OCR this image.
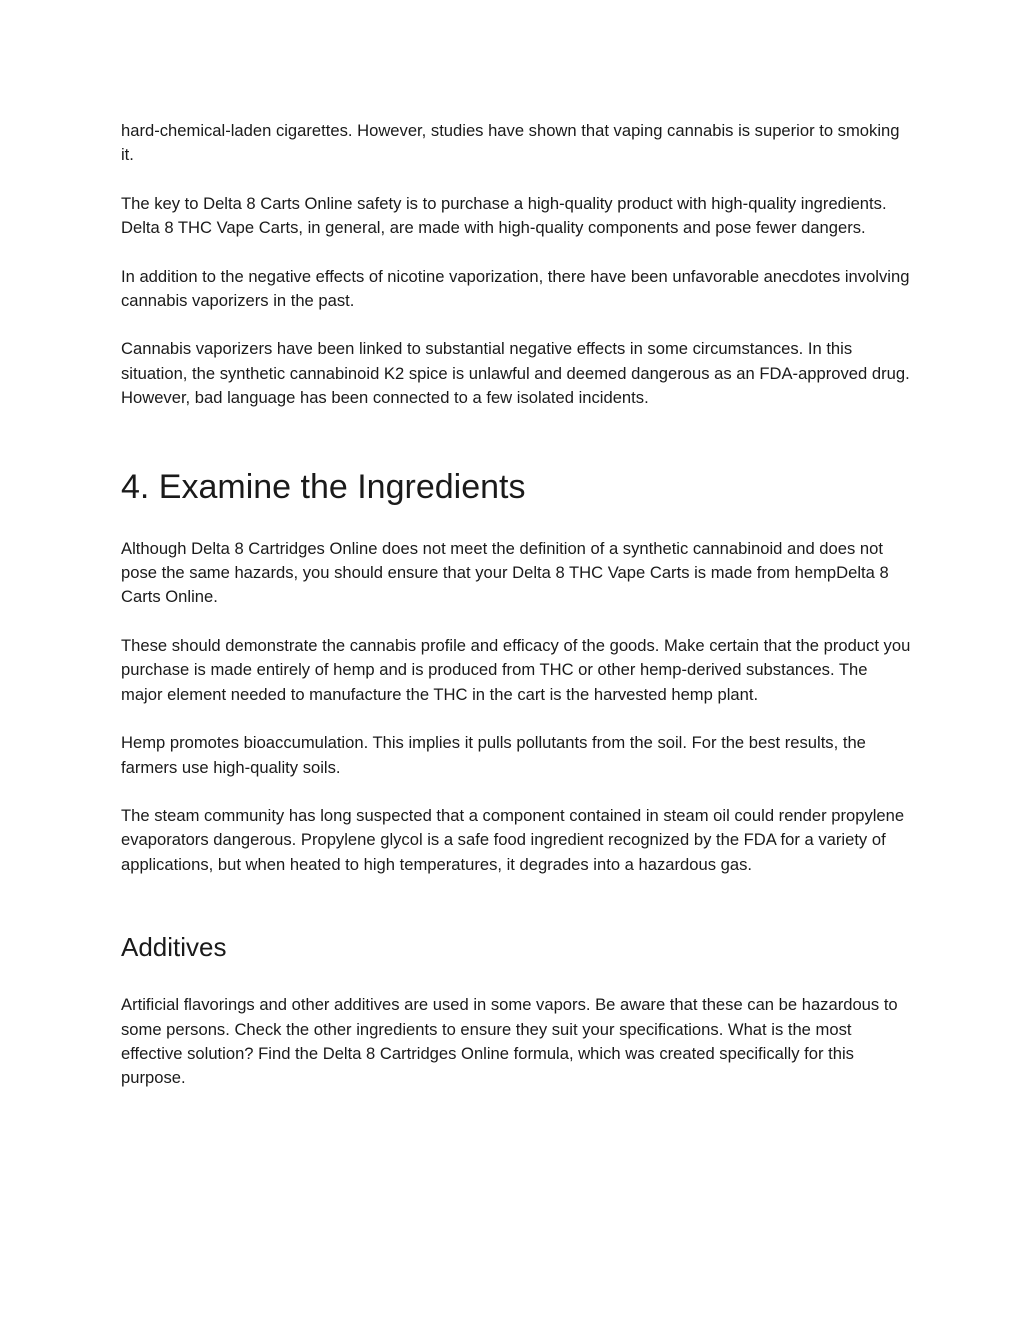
hard-chemical-laden cigarettes. However, studies have shown that vaping cannabis is superior to smoking it.

The key to Delta 8 Carts Online safety is to purchase a high-quality product with high-quality ingredients. Delta 8 THC Vape Carts, in general, are made with high-quality components and pose fewer dangers.

In addition to the negative effects of nicotine vaporization, there have been unfavorable anecdotes involving cannabis vaporizers in the past.

Cannabis vaporizers have been linked to substantial negative effects in some circumstances. In this situation, the synthetic cannabinoid K2 spice is unlawful and deemed dangerous as an FDA-approved drug. However, bad language has been connected to a few isolated incidents.

4. Examine the Ingredients

Although Delta 8 Cartridges Online does not meet the definition of a synthetic cannabinoid and does not pose the same hazards, you should ensure that your Delta 8 THC Vape Carts is made from hempDelta 8 Carts Online.

These should demonstrate the cannabis profile and efficacy of the goods. Make certain that the product you purchase is made entirely of hemp and is produced from THC or other hemp-derived substances. The major element needed to manufacture the THC in the cart is the harvested hemp plant.

Hemp promotes bioaccumulation. This implies it pulls pollutants from the soil. For the best results, the farmers use high-quality soils.

The steam community has long suspected that a component contained in steam oil could render propylene evaporators dangerous. Propylene glycol is a safe food ingredient recognized by the FDA for a variety of applications, but when heated to high temperatures, it degrades into a hazardous gas.

Additives

Artificial flavorings and other additives are used in some vapors. Be aware that these can be hazardous to some persons. Check the other ingredients to ensure they suit your specifications. What is the most effective solution? Find the Delta 8 Cartridges Online formula, which was created specifically for this purpose.
